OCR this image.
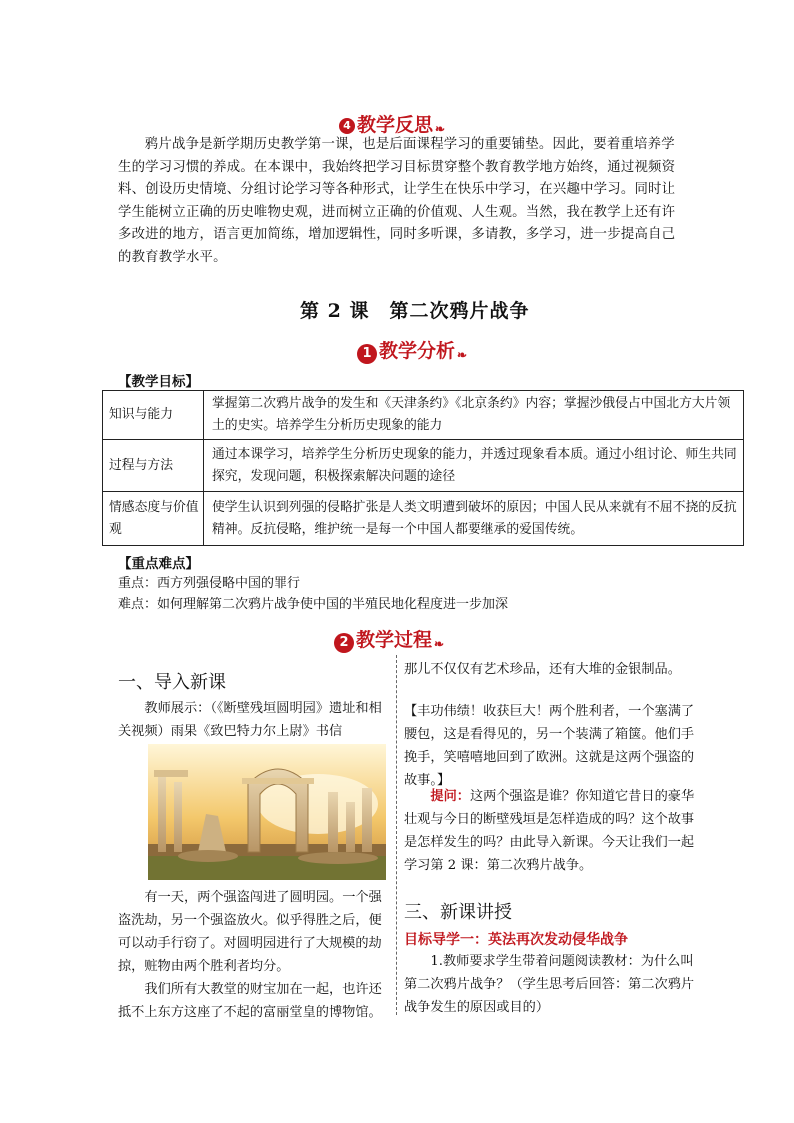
4 教学反思 ❧
鸦片战争是新学期历史教学第一课，也是后面课程学习的重要铺垫。因此，要着重培养学生的学习习惯的养成。在本课中，我始终把学习目标贯穿整个教育教学地方始终，通过视频资料、创设历史情境、分组讨论学习等各种形式，让学生在快乐中学习，在兴趣中学习。同时让学生能树立正确的历史唯物史观，进而树立正确的价值观、人生观。当然，我在教学上还有许多改进的地方，语言更加简练，增加逻辑性，同时多听课，多请教，多学习，进一步提高自己的教育教学水平。
第 2 课　第二次鸦片战争
1 教学分析 ❧
【教学目标】
知识与能力	掌握第二次鸦片战争的发生和《天津条约》《北京条约》内容；掌握沙俄侵占中国北方大片领土的史实。培养学生分析历史现象的能力
过程与方法	通过本课学习，培养学生分析历史现象的能力，并透过现象看本质。通过小组讨论、师生共同探究，发现问题，积极探索解决问题的途径
情感态度与价值观	使学生认识到列强的侵略扩张是人类文明遭到破坏的原因；中国人民从来就有不屈不挠的反抗精神。反抗侵略，维护统一是每一个中国人都要继承的爱国传统。
【重点难点】
重点：西方列强侵略中国的罪行
难点：如何理解第二次鸦片战争使中国的半殖民地化程度进一步加深
2 教学过程 ❧
一、导入新课
教师展示：（《断壁残垣圆明园》遗址和相关视频）雨果《致巴特力尔上尉》书信
有一天，两个强盗闯进了圆明园。一个强盗洗劫，另一个强盗放火。似乎得胜之后，便可以动手行窃了。对圆明园进行了大规模的劫掠，赃物由两个胜利者均分。
我们所有大教堂的财宝加在一起，也许还抵不上东方这座了不起的富丽堂皇的博物馆。
那儿不仅仅有艺术珍品，还有大堆的金银制品。
【丰功伟绩！收获巨大！两个胜利者，一个塞满了腰包，这是看得见的，另一个装满了箱箧。他们手挽手，笑嘻嘻地回到了欧洲。这就是这两个强盗的故事。】
提问：这两个强盗是谁？你知道它昔日的豪华壮观与今日的断壁残垣是怎样造成的吗？这个故事是怎样发生的吗？由此导入新课。今天让我们一起学习第 2 课：第二次鸦片战争。
三、新课讲授
目标导学一：英法再次发动侵华战争
1.教师要求学生带着问题阅读教材：为什么叫第二次鸦片战争？（学生思考后回答：第二次鸦片战争发生的原因或目的）
